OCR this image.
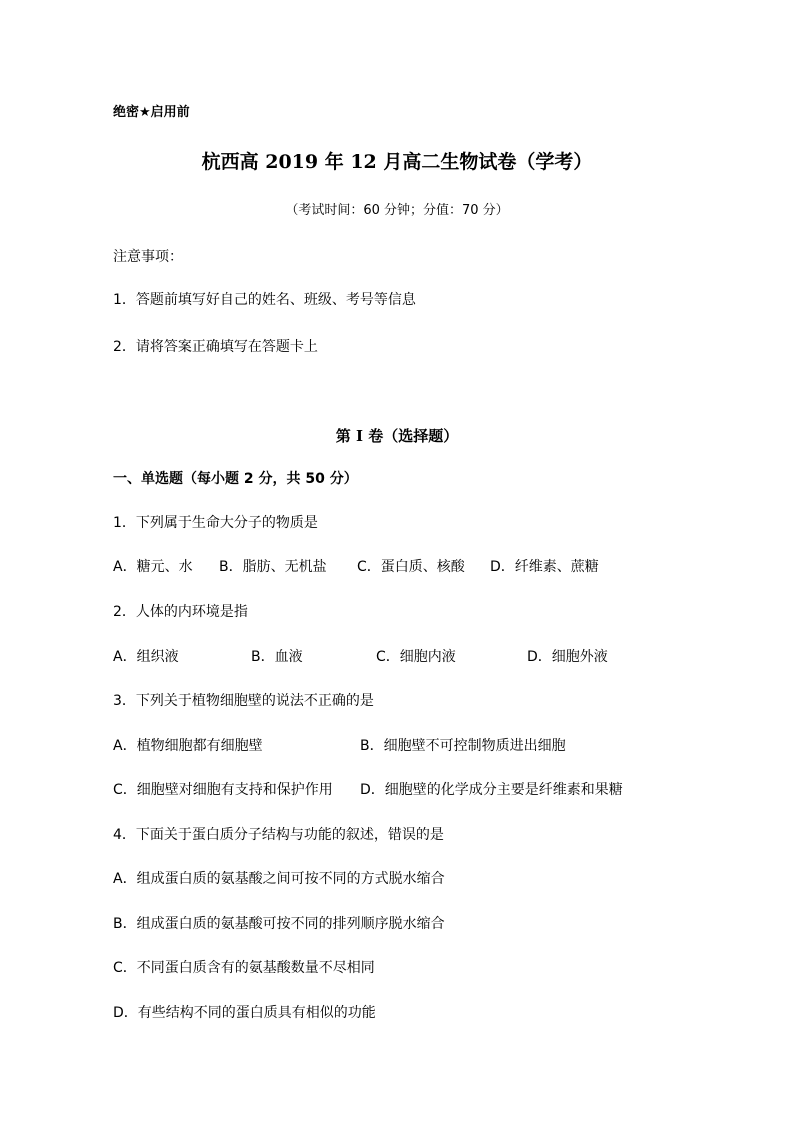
绝密★启用前
杭西高 2019 年 12 月高二生物试卷（学考）
（考试时间：60 分钟；分值：70 分）
注意事项：
1．答题前填写好自己的姓名、班级、考号等信息
2．请将答案正确填写在答题卡上
第 I 卷（选择题）
一、单选题（每小题 2 分，共 50 分）
1．下列属于生命大分子的物质是
A．糖元、水 B．脂肪、无机盐 C．蛋白质、核酸 D．纤维素、蔗糖
2．人体的内环境是指
A．组织液	B．血液	C．细胞内液	D．细胞外液
3．下列关于植物细胞壁的说法不正确的是
A．植物细胞都有细胞壁	B．细胞壁不可控制物质进出细胞
C．细胞壁对细胞有支持和保护作用 D．细胞壁的化学成分主要是纤维素和果糖
4．下面关于蛋白质分子结构与功能的叙述，错误的是
A．组成蛋白质的氨基酸之间可按不同的方式脱水缩合
B．组成蛋白质的氨基酸可按不同的排列顺序脱水缩合
C．不同蛋白质含有的氨基酸数量不尽相同
D．有些结构不同的蛋白质具有相似的功能
